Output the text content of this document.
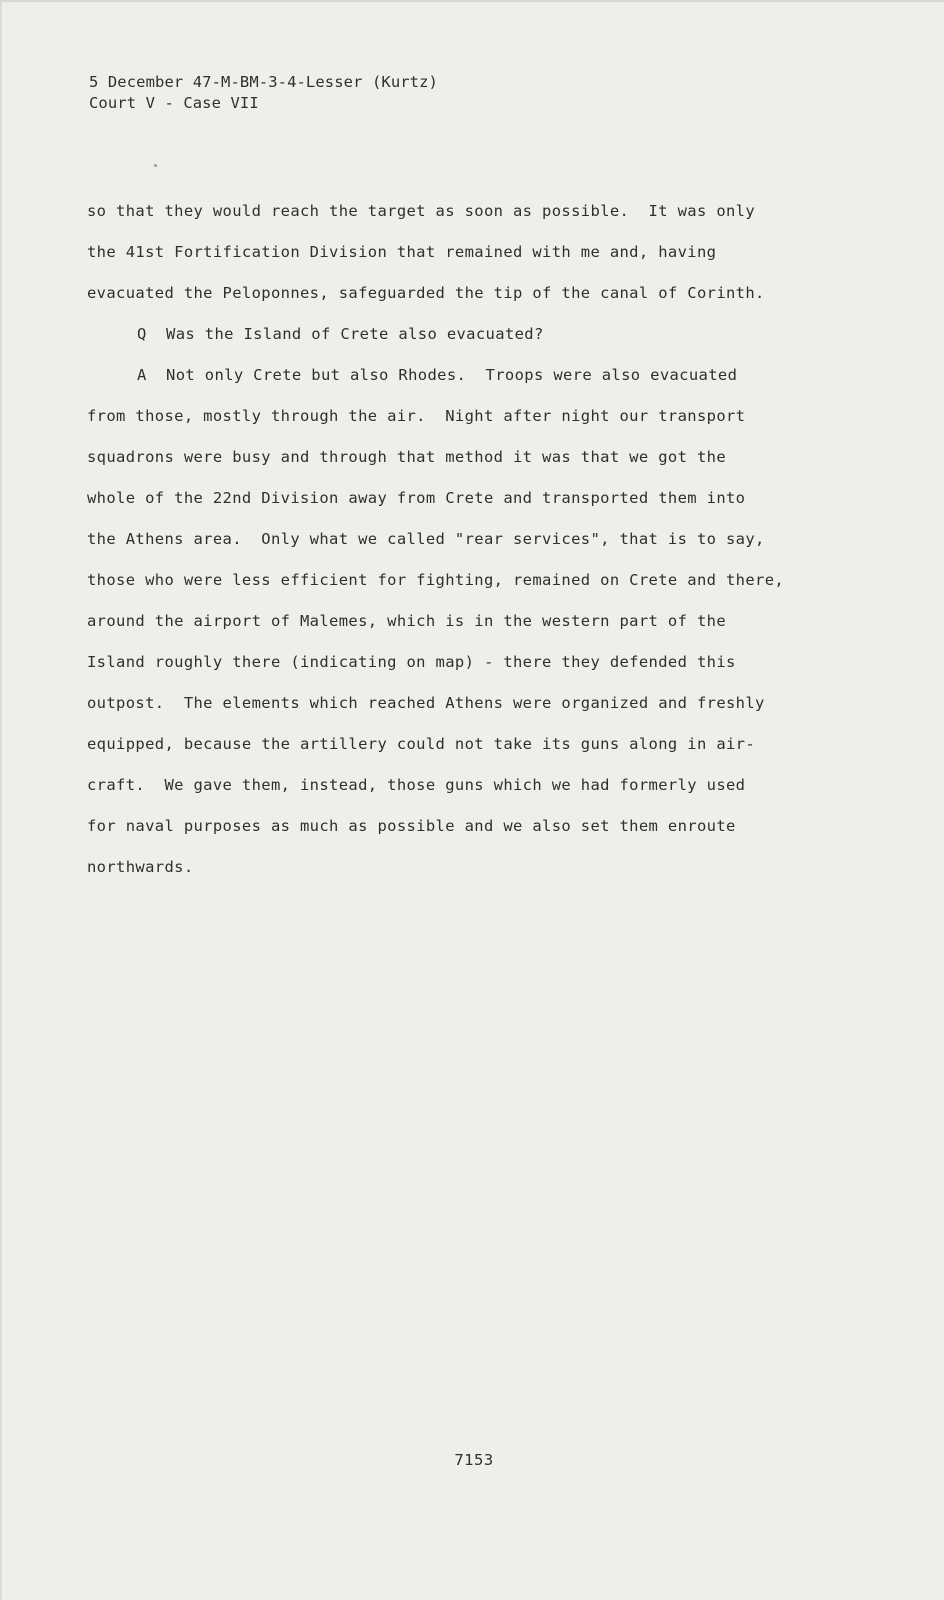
5 December 47-M-BM-3-4-Lesser (Kurtz)
Court V - Case VII
so that they would reach the target as soon as possible.  It was only
the 41st Fortification Division that remained with me and, having
evacuated the Peloponnes, safeguarded the tip of the canal of Corinth.
Q  Was the Island of Crete also evacuated?
A  Not only Crete but also Rhodes.  Troops were also evacuated
from those, mostly through the air.  Night after night our transport
squadrons were busy and through that method it was that we got the
whole of the 22nd Division away from Crete and transported them into
the Athens area.  Only what we called "rear services", that is to say,
those who were less efficient for fighting, remained on Crete and there,
around the airport of Malemes, which is in the western part of the
Island roughly there (indicating on map) - there they defended this
outpost.  The elements which reached Athens were organized and freshly
equipped, because the artillery could not take its guns along in air-
craft.  We gave them, instead, those guns which we had formerly used
for naval purposes as much as possible and we also set them enroute
northwards.
7153
